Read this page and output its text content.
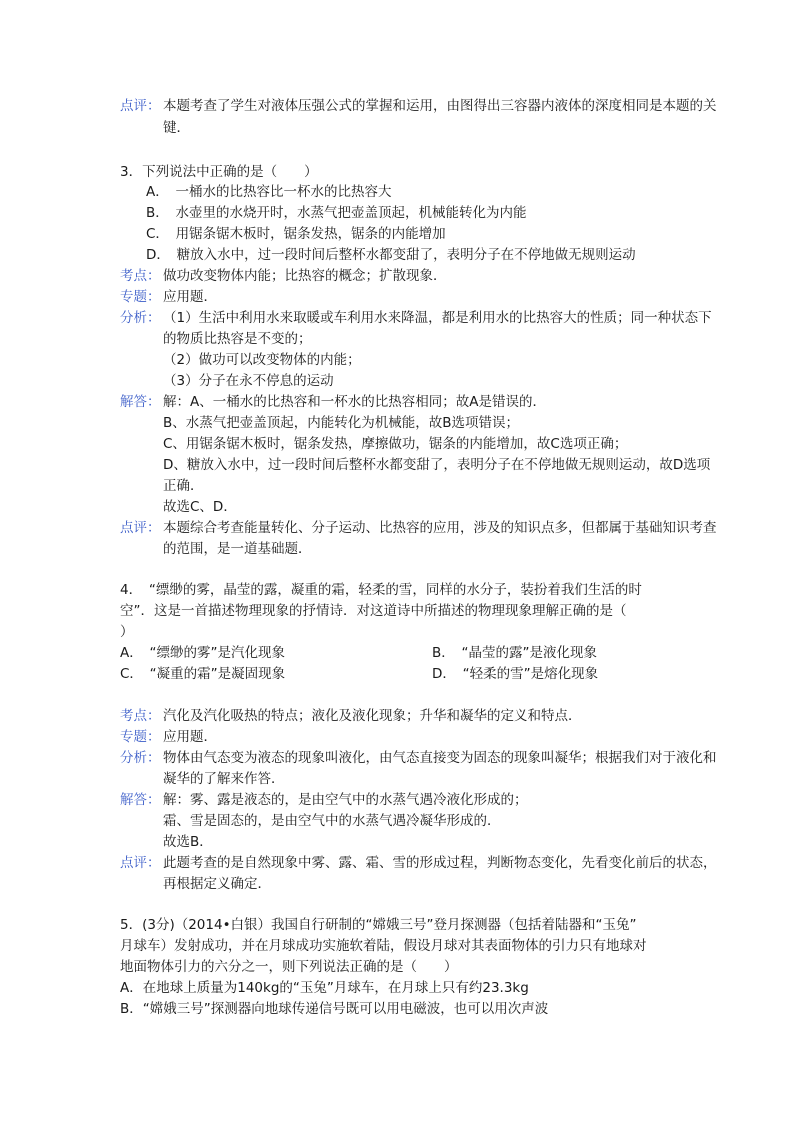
点评： 本题考查了学生对液体压强公式的掌握和运用，由图得出三容器内液体的深度相同是本题的关
键．
3．下列说法中正确的是（　　）
A．　一桶水的比热容比一杯水的比热容大
B．　水壶里的水烧开时，水蒸气把壶盖顶起，机械能转化为内能
C．　用锯条锯木板时，锯条发热，锯条的内能增加
D．　糖放入水中，过一段时间后整杯水都变甜了，表明分子在不停地做无规则运动
考点： 做功改变物体内能；比热容的概念；扩散现象．
专题： 应用题．
分析： （1）生活中利用水来取暖或车利用水来降温，都是利用水的比热容大的性质；同一种状态下
的物质比热容是不变的；
（2）做功可以改变物体的内能；
（3）分子在永不停息的运动
解答： 解：A、一桶水的比热容和一杯水的比热容相同；故A是错误的．
B、水蒸气把壶盖顶起，内能转化为机械能，故B选项错误；
C、用锯条锯木板时，锯条发热，摩擦做功，锯条的内能增加，故C选项正确；
D、糖放入水中，过一段时间后整杯水都变甜了，表明分子在不停地做无规则运动，故D选项
正确．
故选C、D．
点评： 本题综合考查能量转化、分子运动、比热容的应用，涉及的知识点多，但都属于基础知识考查
的范围，是一道基础题．
4．　“缥缈的雾，晶莹的露，凝重的霜，轻柔的雪，同样的水分子，装扮着我们生活的时
空”．这是一首描述物理现象的抒情诗．对这道诗中所描述的物理现象理解正确的是（
）
A．　“缥缈的雾”是汽化现象	B．　“晶莹的露”是液化现象
C．　“凝重的霜”是凝固现象	D．　“轻柔的雪”是熔化现象
考点： 汽化及汽化吸热的特点；液化及液化现象；升华和凝华的定义和特点．
专题： 应用题．
分析： 物体由气态变为液态的现象叫液化，由气态直接变为固态的现象叫凝华；根据我们对于液化和
凝华的了解来作答．
解答： 解：雾、露是液态的，是由空气中的水蒸气遇冷液化形成的；
霜、雪是固态的，是由空气中的水蒸气遇冷凝华形成的．
故选B．
点评： 此题考查的是自然现象中雾、露、霜、雪的形成过程，判断物态变化，先看变化前后的状态，
再根据定义确定．
5．(3分)（2014•白银）我国自行研制的“嫦娥三号”登月探测器（包括着陆器和“玉兔”
月球车）发射成功，并在月球成功实施软着陆，假设月球对其表面物体的引力只有地球对
地面物体引力的六分之一，则下列说法正确的是（　　）
A．在地球上质量为140kg的“玉兔”月球车，在月球上只有约23.3kg
B．“嫦娥三号”探测器向地球传递信号既可以用电磁波，也可以用次声波
